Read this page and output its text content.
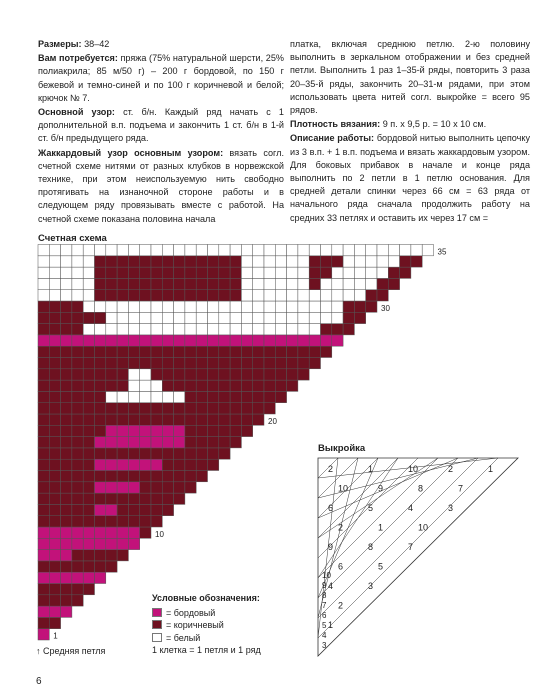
Размеры: 38–42

Вам потребуется: пряжа (75% натуральной шерсти, 25% полиакрила; 85 м/50 г) – 200 г бордовой, по 150 г бежевой и темно-синей и по 100 г коричневой и белой; крючок № 7.

Основной узор: ст. б/н. Каждый ряд начать с 1 дополнительной в.п. подъема и закончить 1 ст. б/н в 1-й ст. б/н предыдущего ряда.

Жаккардовый узор основным узором: вязать согл. счетной схеме нитями от разных клубков в норвежской технике, при этом неиспользуемую нить свободно протягивать на изнаночной стороне работы и в следующем ряду провязывать вместе с работой. На счетной схеме показана половина начала

платка, включая среднюю петлю. 2-ю половину выполнить в зеркальном отображении и без средней петли. Выполнить 1 раз 1–35-й ряды, повторить 3 раза 20–35-й ряды, закончить 20–31-м рядами, при этом использовать цвета нитей согл. выкройке = всего 95 рядов.

Плотность вязания: 9 п. х 9,5 р. = 10 х 10 см.

Описание работы: бордовой нитью выполнить цепочку из 3 в.п. + 1 в.п. подъема и вязать жаккардовым узором. Для боковых прибавок в начале и конце ряда выполнить по 2 петли в 1 петлю основания. Для средней детали спинки через 66 см = 63 ряда от начального ряда сначала продолжить работу на средних 33 петлях и оставить их через 17 см =

Счетная схема
1
10
20
30
35
2	1	10	2	1
10	9	8	7
6	5	4	3
2	1	10
9	8	7
6	5
4	3
2
1
10
9
8
7
6
5
4
3
Выкройка
Условные обозначения:
= бордовый
= коричневый
= белый
1 клетка = 1 петля и 1 ряд
↑ Средняя петля
6
